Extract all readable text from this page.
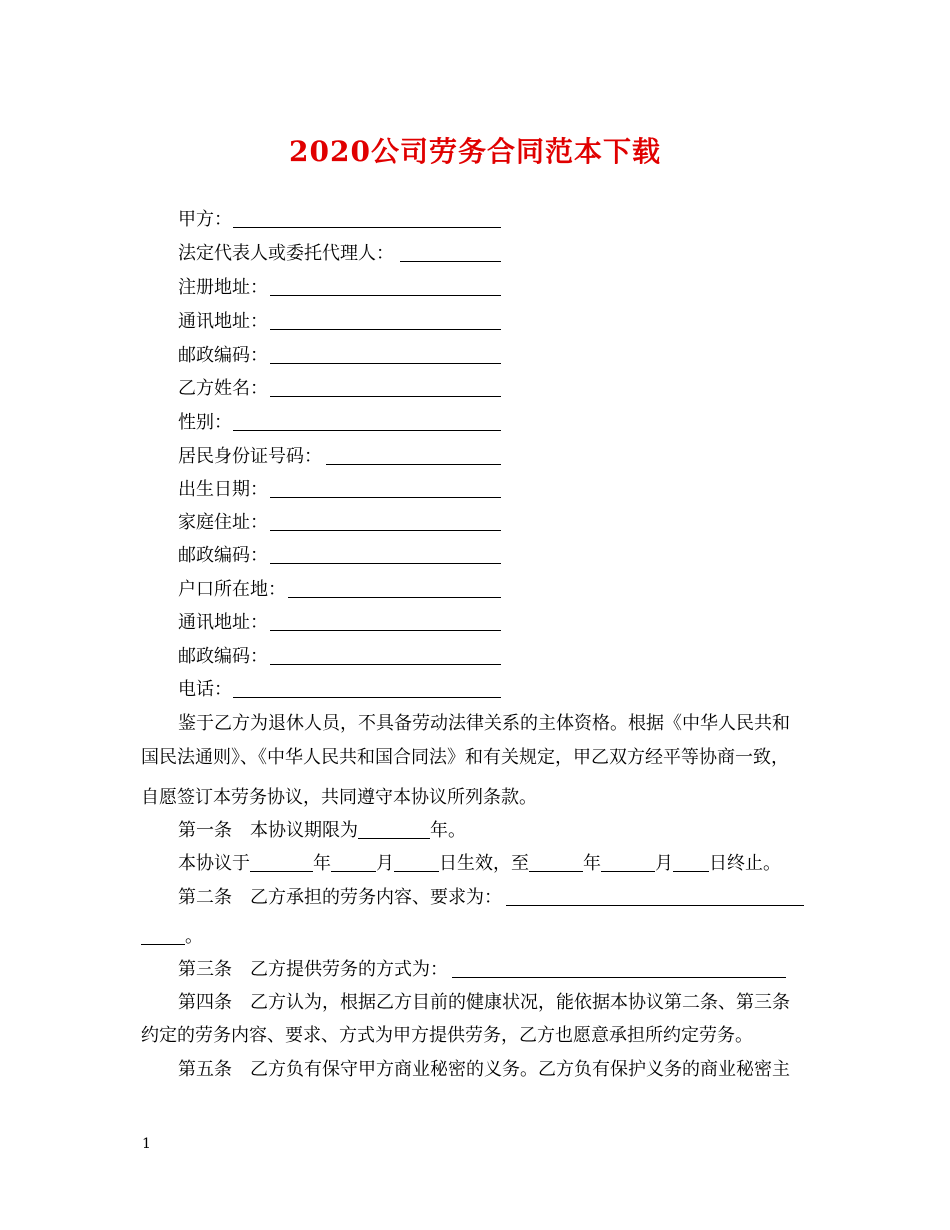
2020公司劳务合同范本下载
甲方：
法定代表人或委托代理人：
注册地址：
通讯地址：
邮政编码：
乙方姓名：
性别：
居民身份证号码：
出生日期：
家庭住址：
邮政编码：
户口所在地：
通讯地址：
邮政编码：
电话：
鉴于乙方为退休人员，不具备劳动法律关系的主体资格。根据《中华人民共和
国民法通则》、《中华人民共和国合同法》和有关规定，甲乙双方经平等协商一致，
自愿签订本劳务协议，共同遵守本协议所列条款。
第一条　本协议期限为	年。
本协议于	年	月	日生效，至	年	月 日终止。
第二条　乙方承担的劳务内容、要求为：
。
第三条　乙方提供劳务的方式为：
第四条　乙方认为，根据乙方目前的健康状况，能依据本协议第二条、第三条
约定的劳务内容、要求、方式为甲方提供劳务，乙方也愿意承担所约定劳务。
第五条　乙方负有保守甲方商业秘密的义务。乙方负有保护义务的商业秘密主
1
